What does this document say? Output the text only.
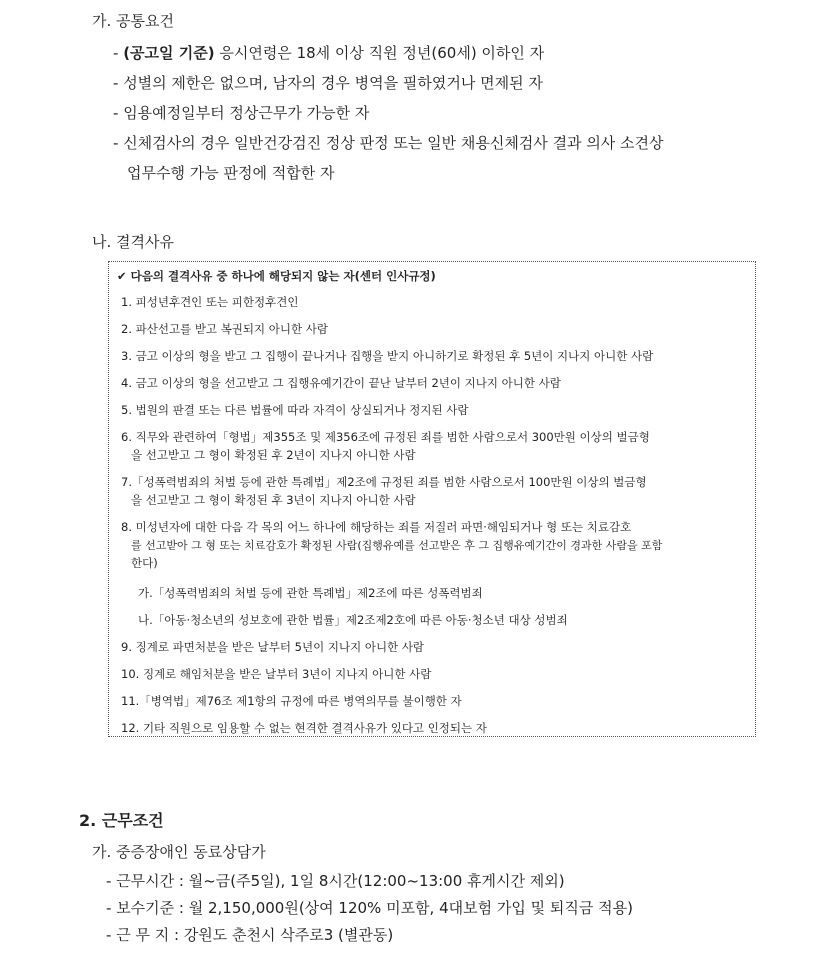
가. 공통요건
- (공고일 기준) 응시연령은 18세 이상 직원 정년(60세) 이하인 자
- 성별의 제한은 없으며, 남자의 경우 병역을 필하였거나 면제된 자
- 임용예정일부터 정상근무가 가능한 자
- 신체검사의 경우 일반건강검진 정상 판정 또는 일반 채용신체검사 결과 의사 소견상
업무수행 가능 판정에 적합한 자
나. 결격사유
✔ 다음의 결격사유 중 하나에 해당되지 않는 자(센터 인사규정)
1. 피성년후견인 또는 피한정후견인
2. 파산선고를 받고 복권되지 아니한 사람
3. 금고 이상의 형을 받고 그 집행이 끝나거나 집행을 받지 아니하기로 확정된 후 5년이 지나지 아니한 사람
4. 금고 이상의 형을 선고받고 그 집행유예기간이 끝난 날부터 2년이 지나지 아니한 사람
5. 법원의 판결 또는 다른 법률에 따라 자격이 상실되거나 정지된 사람
6. 직무와 관련하여「형법」제355조 및 제356조에 규정된 죄를 범한 사람으로서 300만원 이상의 벌금형
을 선고받고 그 형이 확정된 후 2년이 지나지 아니한 사람
7.「성폭력범죄의 처벌 등에 관한 특례법」제2조에 규정된 죄를 범한 사람으로서 100만원 이상의 벌금형
을 선고받고 그 형이 확정된 후 3년이 지나지 아니한 사람
8. 미성년자에 대한 다음 각 목의 어느 하나에 해당하는 죄를 저질러 파면·해임되거나 형 또는 치료감호
를 선고받아 그 형 또는 치료감호가 확정된 사람(집행유예를 선고받은 후 그 집행유예기간이 경과한 사람을 포함
한다)
가.「성폭력범죄의 처벌 등에 관한 특례법」제2조에 따른 성폭력범죄
나.「아동·청소년의 성보호에 관한 법률」제2조제2호에 따른 아동·청소년 대상 성범죄
9. 징계로 파면처분을 받은 날부터 5년이 지나지 아니한 사람
10. 징계로 해임처분을 받은 날부터 3년이 지나지 아니한 사람
11.「병역법」제76조 제1항의 규정에 따른 병역의무를 불이행한 자
12. 기타 직원으로 임용할 수 없는 현격한 결격사유가 있다고 인정되는 자
2. 근무조건
가. 중증장애인 동료상담가
- 근무시간 : 월~금(주5일), 1일 8시간(12:00~13:00 휴게시간 제외)
- 보수기준 : 월 2,150,000원(상여 120% 미포함, 4대보험 가입 및 퇴직금 적용)
- 근 무 지 : 강원도 춘천시 삭주로3 (별관동)
